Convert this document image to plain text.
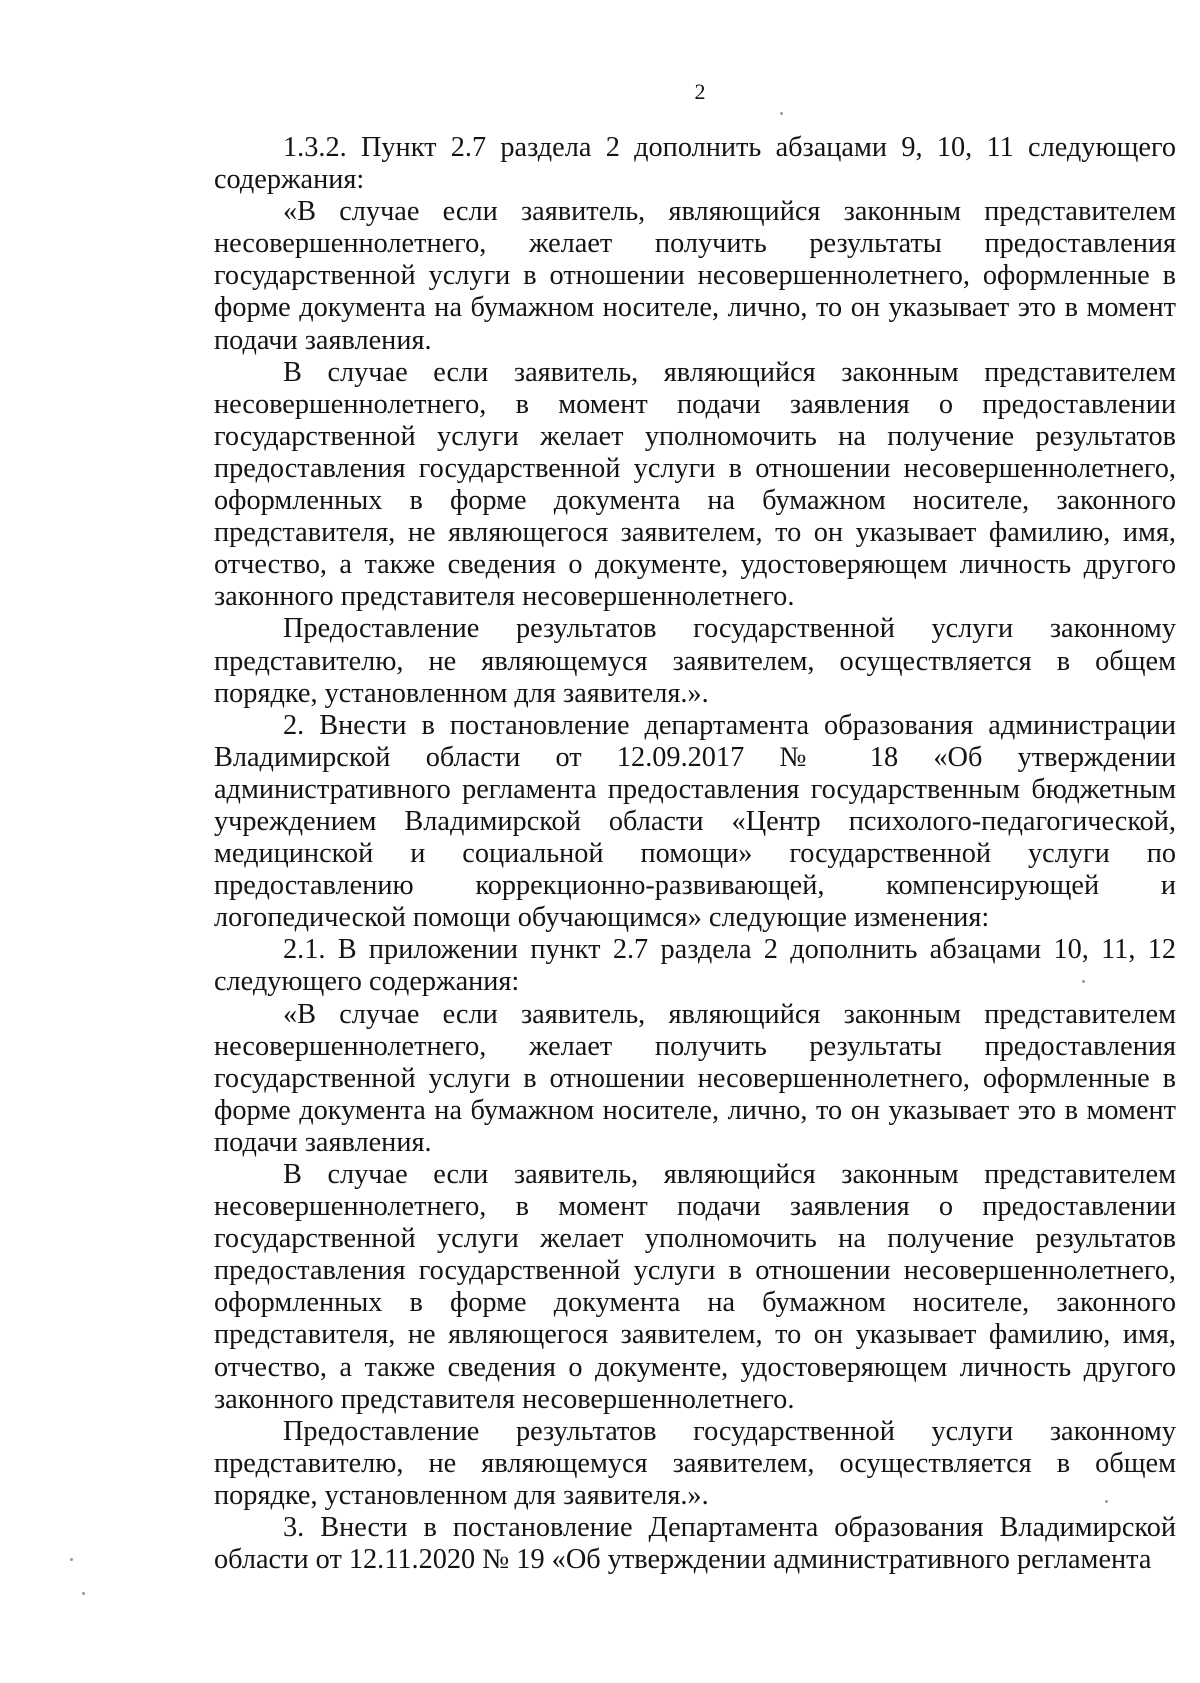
2

1.3.2. Пункт 2.7 раздела 2 дополнить абзацами 9, 10, 11 следующего содержания:

«В случае если заявитель, являющийся законным представителем несовершеннолетнего, желает получить результаты предоставления государственной услуги в отношении несовершеннолетнего, оформленные в форме документа на бумажном носителе, лично, то он указывает это в момент подачи заявления.

В случае если заявитель, являющийся законным представителем несовершеннолетнего, в момент подачи заявления о предоставлении государственной услуги желает уполномочить на получение результатов предоставления государственной услуги в отношении несовершеннолетнего, оформленных в форме документа на бумажном носителе, законного представителя, не являющегося заявителем, то он указывает фамилию, имя, отчество, а также сведения о документе, удостоверяющем личность другого законного представителя несовершеннолетнего.

Предоставление результатов государственной услуги законному представителю, не являющемуся заявителем, осуществляется в общем порядке, установленном для заявителя.».

2. Внести в постановление департамента образования администрации Владимирской области от 12.09.2017 № 18 «Об утверждении административного регламента предоставления государственным бюджетным учреждением Владимирской области «Центр психолого-педагогической, медицинской и социальной помощи» государственной услуги по предоставлению коррекционно-развивающей, компенсирующей и логопедической помощи обучающимся» следующие изменения:

2.1. В приложении пункт 2.7 раздела 2 дополнить абзацами 10, 11, 12 следующего содержания:

«В случае если заявитель, являющийся законным представителем несовершеннолетнего, желает получить результаты предоставления государственной услуги в отношении несовершеннолетнего, оформленные в форме документа на бумажном носителе, лично, то он указывает это в момент подачи заявления.

В случае если заявитель, являющийся законным представителем несовершеннолетнего, в момент подачи заявления о предоставлении государственной услуги желает уполномочить на получение результатов предоставления государственной услуги в отношении несовершеннолетнего, оформленных в форме документа на бумажном носителе, законного представителя, не являющегося заявителем, то он указывает фамилию, имя, отчество, а также сведения о документе, удостоверяющем личность другого законного представителя несовершеннолетнего.

Предоставление результатов государственной услуги законному представителю, не являющемуся заявителем, осуществляется в общем порядке, установленном для заявителя.».

3. Внести в постановление Департамента образования Владимирской области от 12.11.2020 № 19 «Об утверждении административного регламента
